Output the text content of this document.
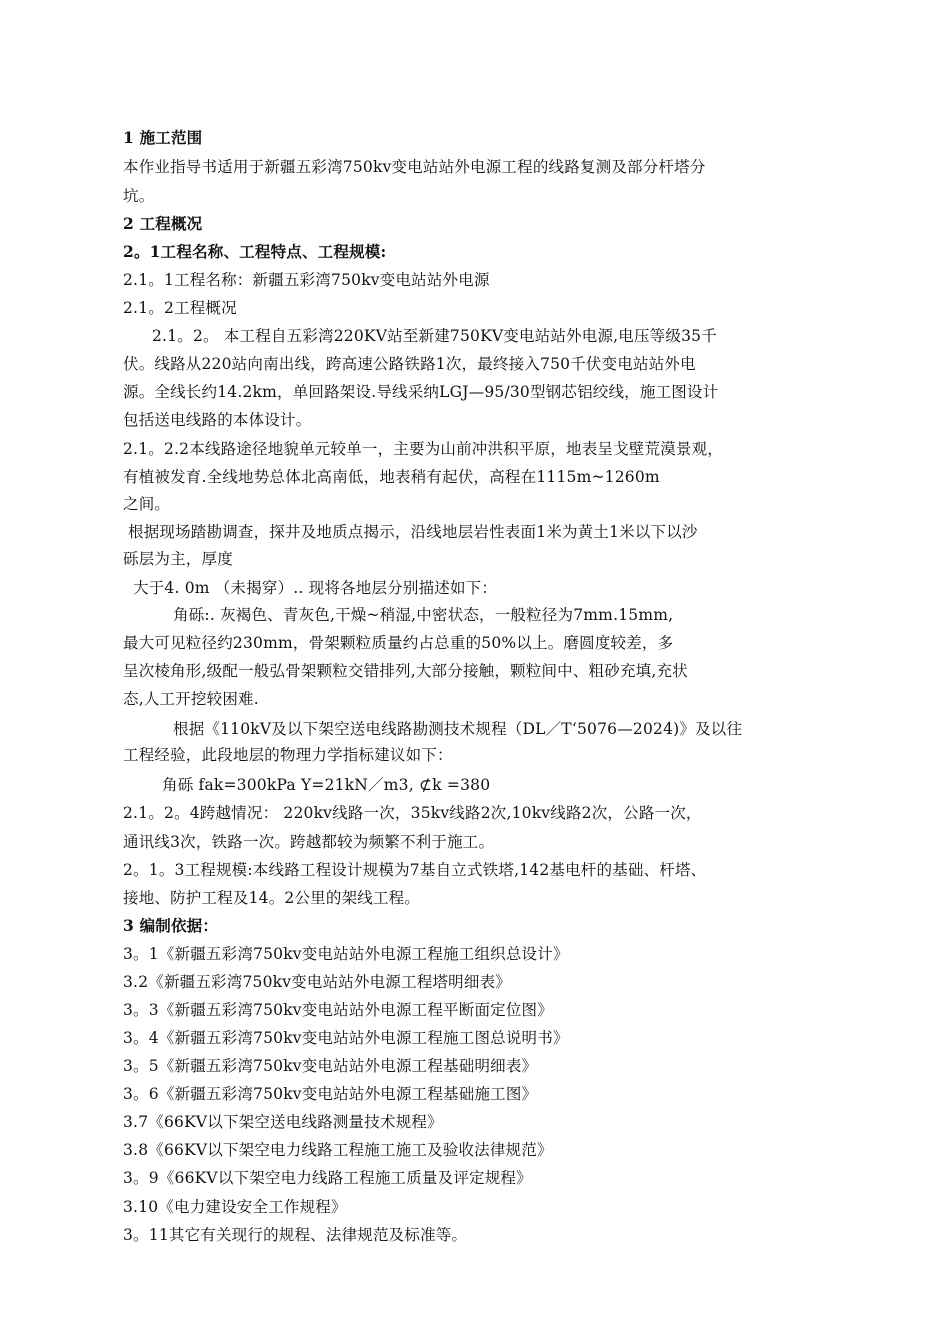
1 施工范围
本作业指导书适用于新疆五彩湾750kv变电站站外电源工程的线路复测及部分杆塔分
坑。
2 工程概况
2。1工程名称、工程特点、工程规模:
2.1。1工程名称：新疆五彩湾750kv变电站站外电源
2.1。2工程概况
2.1。2。 本工程自五彩湾220KV站至新建750KV变电站站外电源,电压等级35千
伏。线路从220站向南出线，跨高速公路铁路1次，最终接入750千伏变电站站外电
源。全线长约14.2km，单回路架设.导线采纳LGJ—95/30型钢芯铝绞线，施工图设计
包括送电线路的本体设计。
2.1。2.2本线路途径地貌单元较单一，主要为山前冲洪积平原，地表呈戈壁荒漠景观，
有植被发育.全线地势总体北高南低，地表稍有起伏，高程在1115m~1260m
之间。
根据现场踏勘调查，探井及地质点揭示，沿线地层岩性表面1米为黄土1米以下以沙
砾层为主，厚度
大于4. 0m （未揭穿）.. 现将各地层分别描述如下：
角砾:. 灰褐色、青灰色,干燥~稍湿,中密状态，一般粒径为7mm.15mm,
最大可见粒径约230mm，骨架颗粒质量约占总重的50%以上。磨圆度较差，多
呈次棱角形,级配一般弘骨架颗粒交错排列,大部分接触，颗粒间中、粗砂充填,充状
态,人工开挖较困难.
根据《110kV及以下架空送电线路勘测技术规程（DL／T‘5076—2024)》及以往
工程经验，此段地层的物理力学指标建议如下：
角砾 fak=300kPa Y=21kN／m3, ⊄k =380
2.1。2。4跨越情况： 220kv线路一次，35kv线路2次,10kv线路2次，公路一次，
通讯线3次，铁路一次。跨越都较为频繁不利于施工。
2。1。3工程规模:本线路工程设计规模为7基自立式铁塔,142基电杆的基础、杆塔、
接地、防护工程及14。2公里的架线工程。
3 编制依据：
3。1《新疆五彩湾750kv变电站站外电源工程施工组织总设计》
3.2《新疆五彩湾750kv变电站站外电源工程塔明细表》
3。3《新疆五彩湾750kv变电站站外电源工程平断面定位图》
3。4《新疆五彩湾750kv变电站站外电源工程施工图总说明书》
3。5《新疆五彩湾750kv变电站站外电源工程基础明细表》
3。6《新疆五彩湾750kv变电站站外电源工程基础施工图》
3.7《66KV以下架空送电线路测量技术规程》
3.8《66KV以下架空电力线路工程施工施工及验收法律规范》
3。9《66KV以下架空电力线路工程施工质量及评定规程》
3.10《电力建设安全工作规程》
3。11其它有关现行的规程、法律规范及标准等。
